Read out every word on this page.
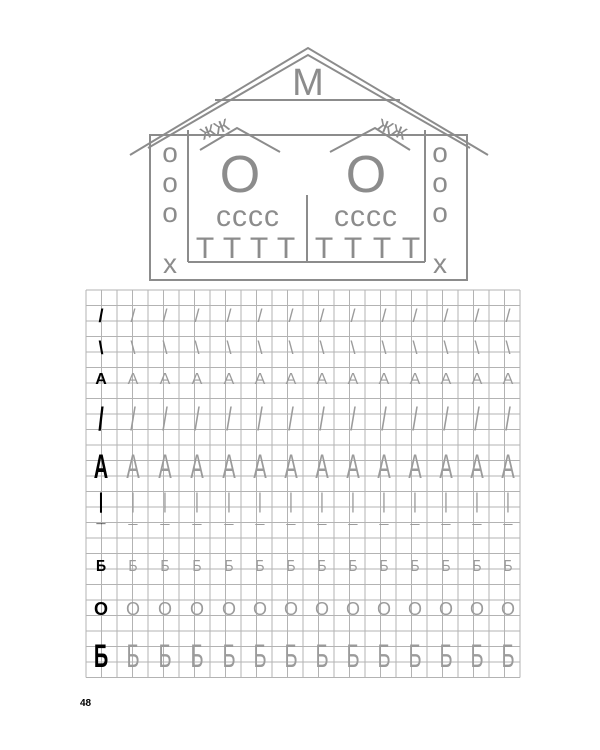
М
жж	жж
О О
сссс сссс
Т Т Т Т Т Т Т Т
о
о
о
х
о
о
о
х
/ / / / / / / / / / / / / /
\ \ \ \ \ \ \ \ \ \ \ \ \ \
А А А А А А А А А А А А А А
/ / / / / / / / / / / / / /
А А А А А А А А А А А А А А
| | | | | | | | | | | | | |
_ _ _ _ _ _ _ _ _ _ _ _ _ _
Б Б Б Б Б Б Б Б Б Б Б Б Б Б
О О О О О О О О О О О О О О
Б Б Б Б Б Б Б Б Б Б Б Б Б Б
48
